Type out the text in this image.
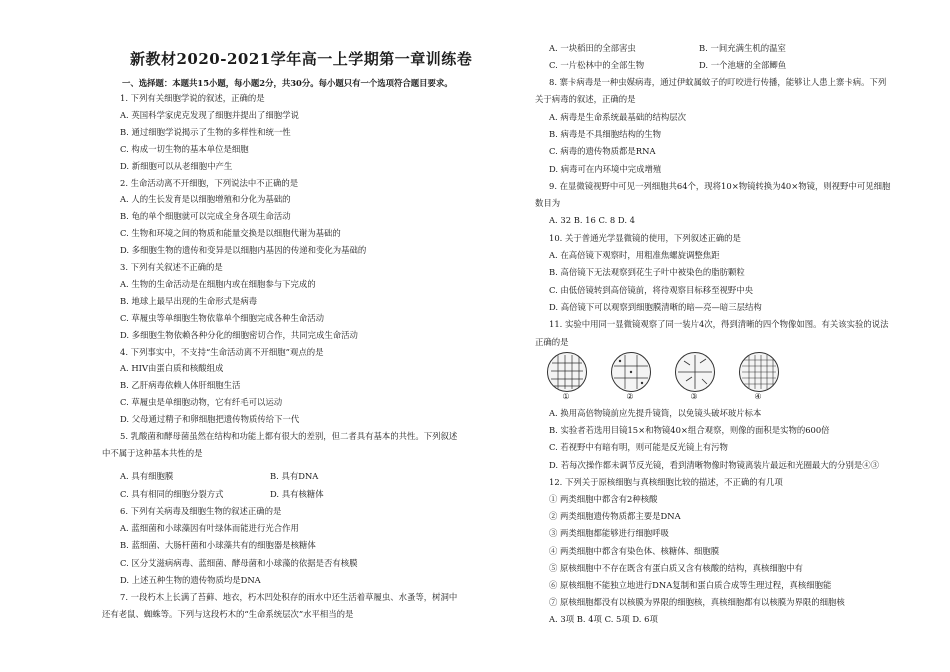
新教材2020-2021学年高一上学期第一章训练卷
一、选择题：本题共15小题，每小题2分，共30分。每小题只有一个选项符合题目要求。
1. 下列有关细胞学说的叙述，正确的是
A. 英国科学家虎克发现了细胞并提出了细胞学说
B. 通过细胞学说揭示了生物的多样性和统一性
C. 构成一切生物的基本单位是细胞
D. 新细胞可以从老细胞中产生
2. 生命活动离不开细胞，下列说法中不正确的是
A. 人的生长发育是以细胞增殖和分化为基础的
B. 龟的单个细胞就可以完成全身各项生命活动
C. 生物和环境之间的物质和能量交换是以细胞代谢为基础的
D. 多细胞生物的遗传和变异是以细胞内基因的传递和变化为基础的
3. 下列有关叙述不正确的是
A. 生物的生命活动是在细胞内或在细胞参与下完成的
B. 地球上最早出现的生命形式是病毒
C. 草履虫等单细胞生物依靠单个细胞完成各种生命活动
D. 多细胞生物依赖各种分化的细胞密切合作，共同完成生命活动
4. 下列事实中，不支持“生命活动离不开细胞”观点的是
A. HIV由蛋白质和核酸组成
B. 乙肝病毒依赖人体肝细胞生活
C. 草履虫是单细胞动物，它有纤毛可以运动
D. 父母通过精子和卵细胞把遗传物质传给下一代
5. 乳酸菌和酵母菌虽然在结构和功能上都有很大的差别，但二者具有基本的共性。下列叙述
中不属于这种基本共性的是
A. 具有细胞膜	B. 具有DNA
C. 具有相同的细胞分裂方式	D. 具有核糖体
6. 下列有关病毒及细胞生物的叙述正确的是
A. 蓝细菌和小球藻因有叶绿体而能进行光合作用
B. 蓝细菌、大肠杆菌和小球藻共有的细胞器是核糖体
C. 区分艾滋病病毒、蓝细菌、酵母菌和小球藻的依据是否有核膜
D. 上述五种生物的遗传物质均是DNA
7. 一段朽木上长满了苔藓、地衣，朽木凹处积存的雨水中还生活着草履虫、水蚤等，树洞中
还有老鼠、蜘蛛等。下列与这段朽木的“生命系统层次”水平相当的是
A. 一块稻田的全部害虫	B. 一间充满生机的温室
C. 一片松林中的全部生物	D. 一个池塘的全部鲫鱼
8. 寨卡病毒是一种虫媒病毒，通过伊蚊属蚊子的叮咬进行传播，能够让人患上寨卡病。下列
关于病毒的叙述，正确的是
A. 病毒是生命系统最基础的结构层次
B. 病毒是不具细胞结构的生物
C. 病毒的遗传物质都是RNA
D. 病毒可在内环境中完成增殖
9. 在显微镜视野中可见一列细胞共64个，现将10×物镜转换为40×物镜，则视野中可见细胞
数目为
A. 32 B. 16 C. 8 D. 4
10. 关于普通光学显微镜的使用，下列叙述正确的是
A. 在高倍镜下观察时，用粗准焦螺旋调整焦距
B. 高倍镜下无法观察到花生子叶中被染色的脂肪颗粒
C. 由低倍镜转到高倍镜前，将待观察目标移至视野中央
D. 高倍镜下可以观察到细胞膜清晰的暗—亮—暗三层结构
11. 实验中用同一显微镜观察了同一装片4次，得到清晰的四个物像如图。有关该实验的说法
正确的是
①	②	③	④
A. 换用高倍物镜前应先提升镜筒，以免镜头破坏玻片标本
B. 实验者若选用目镜15×和物镜40×组合观察，则像的面积是实物的600倍
C. 若视野中有暗有明，则可能是反光镜上有污物
D. 若每次操作都未调节反光镜，看到清晰物像时物镜离装片最远和光圈最大的分别是④③
12. 下列关于原核细胞与真核细胞比较的描述，不正确的有几项
① 两类细胞中都含有2种核酸
② 两类细胞遗传物质都主要是DNA
③ 两类细胞都能够进行细胞呼吸
④ 两类细胞中都含有染色体、核糖体、细胞膜
⑤ 原核细胞中不存在既含有蛋白质又含有核酸的结构，真核细胞中有
⑥ 原核细胞不能独立地进行DNA复制和蛋白质合成等生理过程，真核细胞能
⑦ 原核细胞都没有以核膜为界限的细胞核，真核细胞都有以核膜为界限的细胞核
A. 3项 B. 4项 C. 5项 D. 6项
